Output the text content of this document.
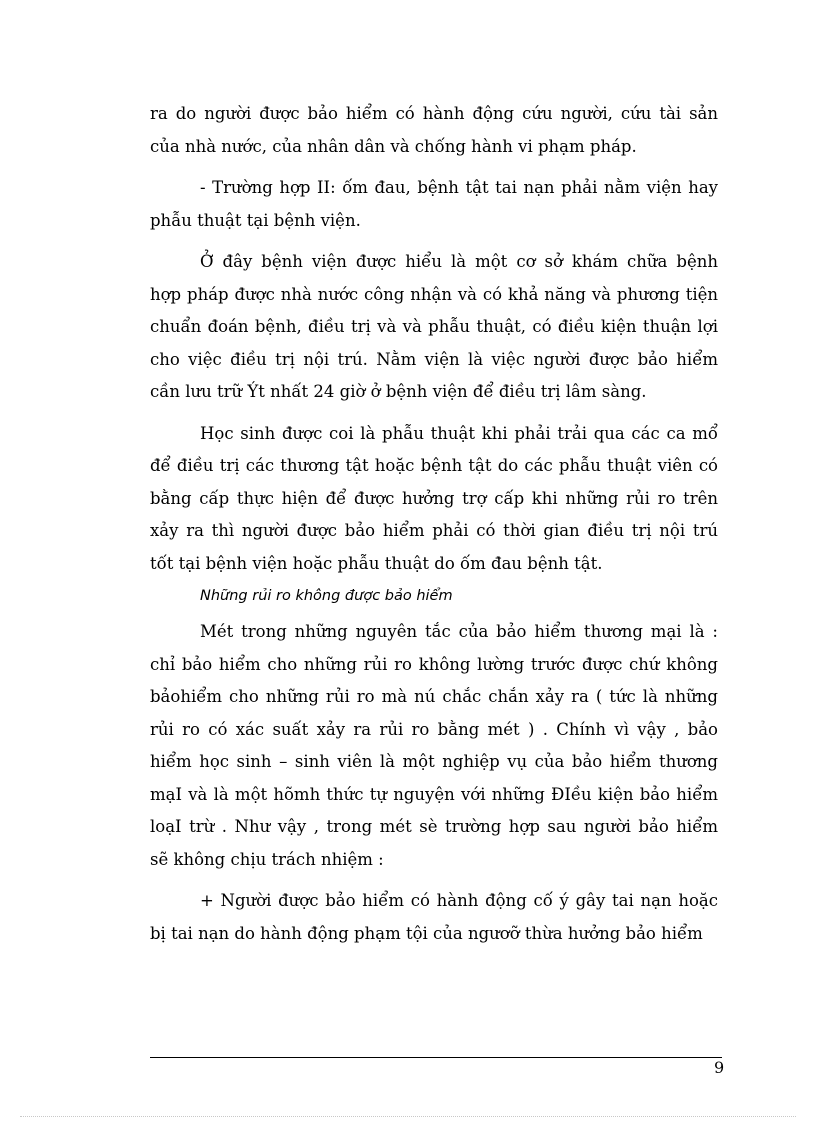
ra do người được bảo hiểm có hành động cứu người, cứu tài sản
của nhà nước, của nhân dân và chống hành vi phạm pháp.

- Trường hợp II: ốm đau, bệnh tật tai nạn phải nằm viện hay
phẫu thuật tại bệnh viện.

Ở đây bệnh viện được hiểu là một cơ sở khám chữa bệnh
hợp pháp được nhà nước công nhận và có khả năng và phương tiện
chuẩn đoán bệnh, điều trị và và phẫu thuật, có điều kiện thuận lợi
cho việc điều trị nội trú. Nằm viện là việc người được bảo hiểm
cần lưu trữ Ýt nhất 24 giờ ở bệnh viện để điều trị lâm sàng.

Học sinh được coi là phẫu thuật khi phải trải qua các ca mổ
để điều trị các thương tật hoặc bệnh tật do các phẫu thuật viên có
bằng cấp thực hiện để được hưởng trợ cấp khi những rủi ro trên
xảy ra thì người được bảo hiểm phải có thời gian điều trị nội trú
tốt tại bệnh viện hoặc phẫu thuật do ốm đau bệnh tật.

Những rủi ro không được bảo hiểm

Mét trong những nguyên tắc của bảo hiểm thương mại là :
chỉ bảo hiểm cho những rủi ro không lường trước được chứ không
bảohiểm cho những rủi ro mà nú chắc chắn xảy ra ( tức là những
rủi ro có xác suất xảy ra rủi ro bằng mét ) . Chính vì vậy , bảo
hiểm học sinh – sinh viên là một nghiệp vụ của bảo hiểm thương
mạI và là một hõmh thức tự nguyện với những ĐIều kiện bảo hiểm
loạI trừ . Như vậy , trong mét sè trường hợp sau người bảo hiểm
sẽ không chịu trách nhiệm :

+ Người được bảo hiểm có hành động cố ý gây tai nạn hoặc
bị tai nạn do hành động phạm tội của ngươỡ thừa hưởng bảo hiểm

9
